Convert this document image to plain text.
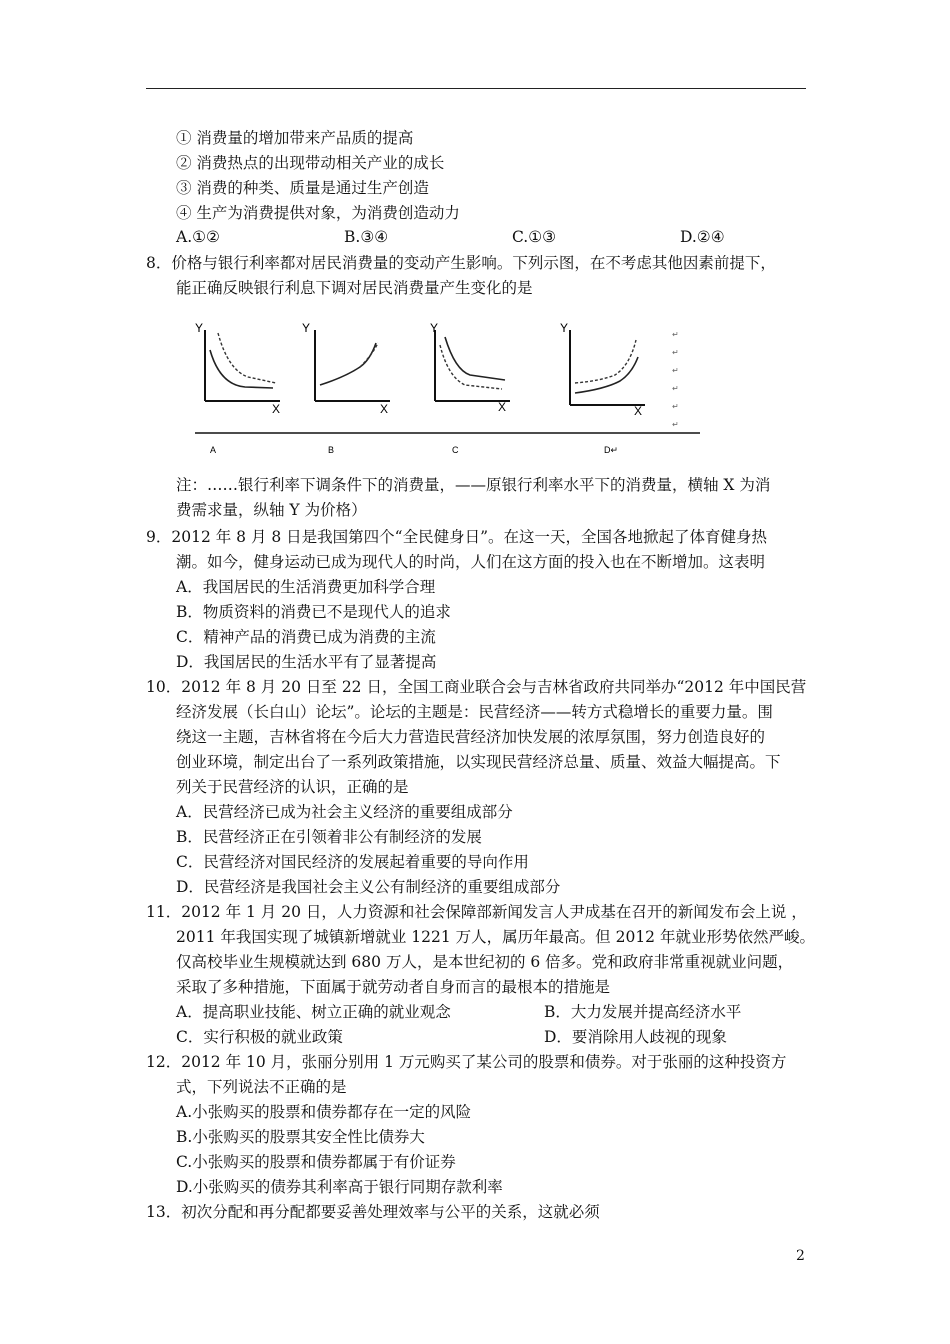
① 消费量的增加带来产品质的提高
② 消费热点的出现带动相关产业的成长
③ 消费的种类、质量是通过生产创造
④ 生产为消费提供对象，为消费创造动力
A.①②	B.③④	C.①③	D.②④
8．价格与银行利率都对居民消费量的变动产生影响。下列示图，在不考虑其他因素前提下，
能正确反映银行利息下调对居民消费量产生变化的是
Y
X
A
Y
X
B
Y
X
C
Y
X
D↵
↵
↵
↵
↵
↵
↵
注：……银行利率下调条件下的消费量，——原银行利率水平下的消费量，横轴 X 为消
费需求量，纵轴 Y 为价格）
9．2012 年 8 月 8 日是我国第四个“全民健身日”。在这一天，全国各地掀起了体育健身热
潮。如今，健身运动已成为现代人的时尚，人们在这方面的投入也在不断增加。这表明
A．我国居民的生活消费更加科学合理
B．物质资料的消费已不是现代人的追求
C．精神产品的消费已成为消费的主流
D．我国居民的生活水平有了显著提高
10．2012 年 8 月 20 日至 22 日，全国工商业联合会与吉林省政府共同举办“2012 年中国民营
经济发展（长白山）论坛”。论坛的主题是：民营经济——转方式稳增长的重要力量。围
绕这一主题，吉林省将在今后大力营造民营经济加快发展的浓厚氛围，努力创造良好的
创业环境，制定出台了一系列政策措施，以实现民营经济总量、质量、效益大幅提高。下
列关于民营经济的认识，正确的是
A．民营经济已成为社会主义经济的重要组成部分
B．民营经济正在引领着非公有制经济的发展
C．民营经济对国民经济的发展起着重要的导向作用
D．民营经济是我国社会主义公有制经济的重要组成部分
11．2012 年 1 月 20 日，人力资源和社会保障部新闻发言人尹成基在召开的新闻发布会上说 ，
2011 年我国实现了城镇新增就业 1221 万人，属历年最高。但 2012 年就业形势依然严峻。
仅高校毕业生规模就达到 680 万人，是本世纪初的 6 倍多。党和政府非常重视就业问题，
采取了多种措施，下面属于就劳动者自身而言的最根本的措施是
A．提高职业技能、树立正确的就业观念	B．大力发展并提高经济水平
C．实行积极的就业政策	D．要消除用人歧视的现象
12．2012 年 10 月，张丽分别用 1 万元购买了某公司的股票和债券。对于张丽的这种投资方
式，下列说法不正确的是
A.小张购买的股票和债券都存在一定的风险
B.小张购买的股票其安全性比债券大
C.小张购买的股票和债券都属于有价证券
D.小张购买的债券其利率高于银行同期存款利率
13．初次分配和再分配都要妥善处理效率与公平的关系，这就必须
2
